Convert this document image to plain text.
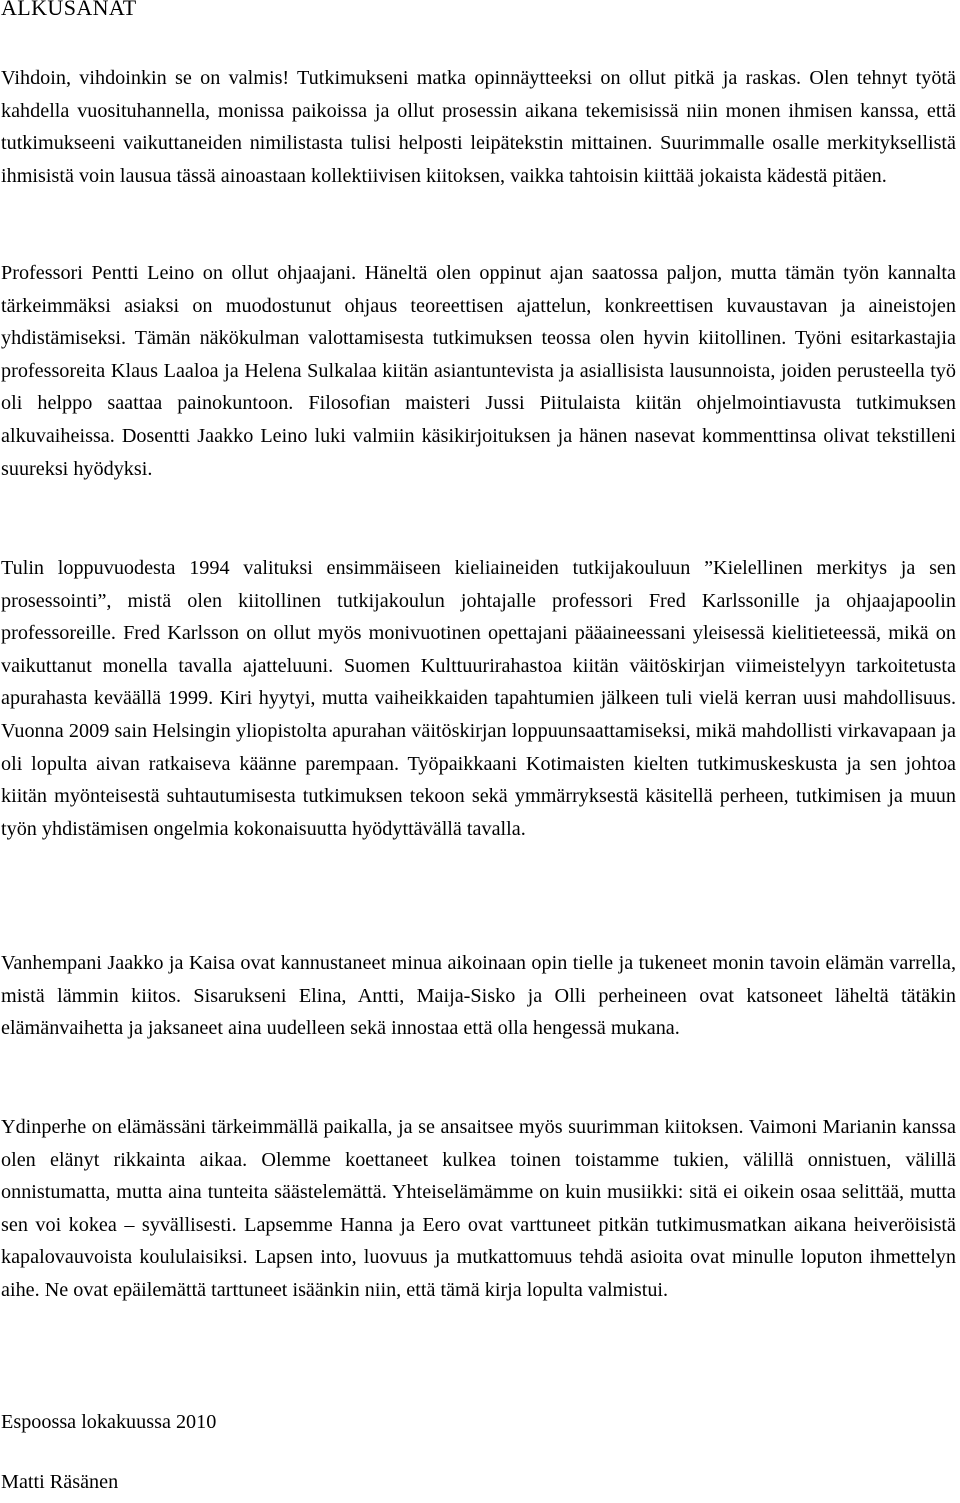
ALKUSANAT

Vihdoin, vihdoinkin se on valmis! Tutkimukseni matka opinnäytteeksi on ollut pitkä ja raskas. Olen tehnyt työtä kahdella vuosituhannella, monissa paikoissa ja ollut prosessin aikana tekemisissä niin monen ihmisen kanssa, että tutkimukseeni vaikuttaneiden nimilistasta tulisi helposti leipätekstin mittainen. Suurimmalle osalle merkityksellistä ihmisistä voin lausua tässä ainoastaan kollektiivisen kiitoksen, vaikka tahtoisin kiittää jokaista kädestä pitäen.

Professori Pentti Leino on ollut ohjaajani. Häneltä olen oppinut ajan saatossa paljon, mutta tämän työn kannalta tärkeimmäksi asiaksi on muodostunut ohjaus teoreettisen ajattelun, konkreettisen kuvaustavan ja aineistojen yhdistämiseksi. Tämän näkökulman valottamisesta tutkimuksen teossa olen hyvin kiitollinen. Työni esitarkastajia professoreita Klaus Laaloa ja Helena Sulkalaa kiitän asiantuntevista ja asiallisista lausunnoista, joiden perusteella työ oli helppo saattaa painokuntoon. Filosofian maisteri Jussi Piitulaista kiitän ohjelmointiavusta tutkimuksen alkuvaiheissa. Dosentti Jaakko Leino luki valmiin käsikirjoituksen ja hänen nasevat kommenttinsa olivat tekstilleni suureksi hyödyksi.

Tulin loppuvuodesta 1994 valituksi ensimmäiseen kieliaineiden tutkijakouluun ”Kielellinen merkitys ja sen prosessointi”, mistä olen kiitollinen tutkijakoulun johtajalle professori Fred Karlssonille ja ohjaajapoolin professoreille. Fred Karlsson on ollut myös monivuotinen opettajani pääaineessani yleisessä kielitieteessä, mikä on vaikuttanut monella tavalla ajatteluuni. Suomen Kulttuurirahastoa kiitän väitöskirjan viimeistelyyn tarkoitetusta apurahasta keväällä 1999. Kiri hyytyi, mutta vaiheikkaiden tapahtumien jälkeen tuli vielä kerran uusi mahdollisuus. Vuonna 2009 sain Helsingin yliopistolta apurahan väitöskirjan loppuunsaattamiseksi, mikä mahdollisti virkavapaan ja oli lopulta aivan ratkaiseva käänne parempaan. Työpaikkaani Kotimaisten kielten tutkimuskeskusta ja sen johtoa kiitän myönteisestä suhtautumisesta tutkimuksen tekoon sekä ymmärryksestä käsitellä perheen, tutkimisen ja muun työn yhdistämisen ongelmia kokonaisuutta hyödyttävällä tavalla.

Vanhempani Jaakko ja Kaisa ovat kannustaneet minua aikoinaan opin tielle ja tukeneet monin tavoin elämän varrella, mistä lämmin kiitos. Sisarukseni Elina, Antti, Maija-Sisko ja Olli perheineen ovat katsoneet läheltä tätäkin elämänvaihetta ja jaksaneet aina uudelleen sekä innostaa että olla hengessä mukana.

Ydinperhe on elämässäni tärkeimmällä paikalla, ja se ansaitsee myös suurimman kiitoksen. Vaimoni Marianin kanssa olen elänyt rikkainta aikaa. Olemme koettaneet kulkea toinen toistamme tukien, välillä onnistuen, välillä onnistumatta, mutta aina tunteita säästelemättä. Yhteiselämämme on kuin musiikki: sitä ei oikein osaa selittää, mutta sen voi kokea – syvällisesti. Lapsemme Hanna ja Eero ovat varttuneet pitkän tutkimusmatkan aikana heiveröisistä kapalovauvoista koululaisiksi. Lapsen into, luovuus ja mutkattomuus tehdä asioita ovat minulle loputon ihmettelyn aihe. Ne ovat epäilemättä tarttuneet isäänkin niin, että tämä kirja lopulta valmistui.

Espoossa lokakuussa 2010
Matti Räsänen
